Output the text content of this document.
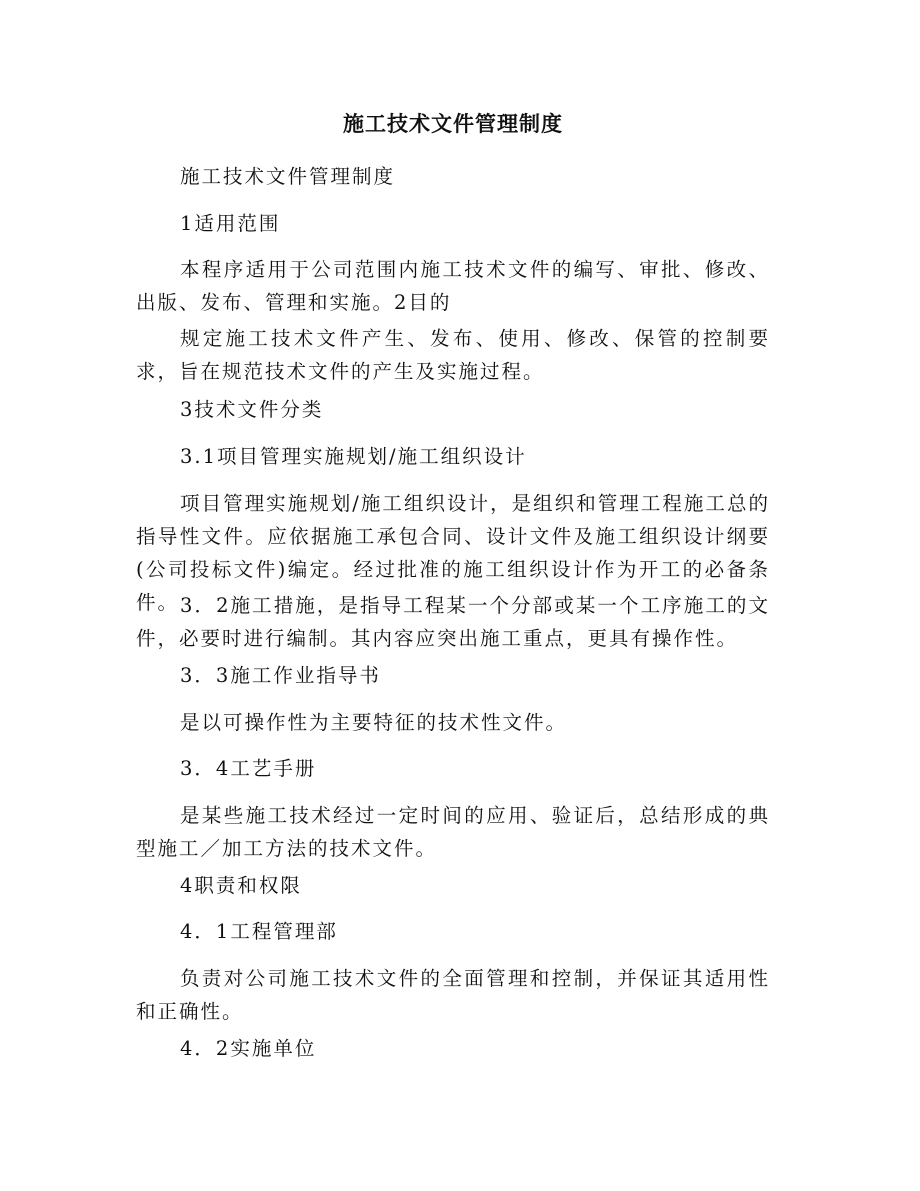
施工技术文件管理制度
施工技术文件管理制度
1适用范围
本程序适用于公司范围内施工技术文件的编写、审批、修改、出版、发布、管理和实施。2目的
规定施工技术文件产生、发布、使用、修改、保管的控制要求，旨在规范技术文件的产生及实施过程。
3技术文件分类
3.1项目管理实施规划/施工组织设计
项目管理实施规划/施工组织设计，是组织和管理工程施工总的指导性文件。应依据施工承包合同、设计文件及施工组织设计纲要(公司投标文件)编定。经过批准的施工组织设计作为开工的必备条件。 3．2施工措施，是指导工程某一个分部或某一个工序施工的文件，必要时进行编制。其内容应突出施工重点，更具有操作性。
3．3施工作业指导书
是以可操作性为主要特征的技术性文件。
3．4工艺手册
是某些施工技术经过一定时间的应用、验证后，总结形成的典型施工／加工方法的技术文件。
4职责和权限
4．1工程管理部
负责对公司施工技术文件的全面管理和控制，并保证其适用性和正确性。
4．2实施单位
